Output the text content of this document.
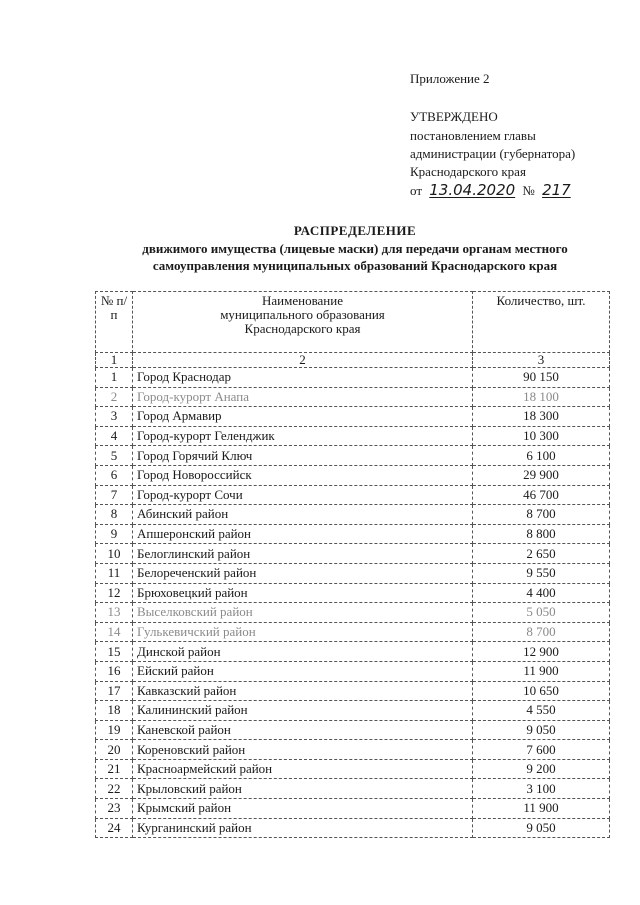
Приложение 2
УТВЕРЖДЕНО
постановлением главы
администрации (губернатора)
Краснодарского края
от 13.04.2020 № 217
РАСПРЕДЕЛЕНИЕ
движимого имущества (лицевые маски) для передачи органам местного
самоуправления муниципальных образований Краснодарского края
№ п/п	Наименование
муниципального образования
Краснодарского края	Количество, шт.
1	2	3
1	Город Краснодар	90 150
2	Город-курорт Анапа	18 100
3	Город Армавир	18 300
4	Город-курорт Геленджик	10 300
5	Город Горячий Ключ	6 100
6	Город Новороссийск	29 900
7	Город-курорт Сочи	46 700
8	Абинский район	8 700
9	Апшеронский район	8 800
10	Белоглинский район	2 650
11	Белореченский район	9 550
12	Брюховецкий район	4 400
13	Выселковский район	5 050
14	Гулькевичский район	8 700
15	Динской район	12 900
16	Ейский район	11 900
17	Кавказский район	10 650
18	Калининский район	4 550
19	Каневской район	9 050
20	Кореновский район	7 600
21	Красноармейский район	9 200
22	Крыловский район	3 100
23	Крымский район	11 900
24	Курганинский район	9 050
